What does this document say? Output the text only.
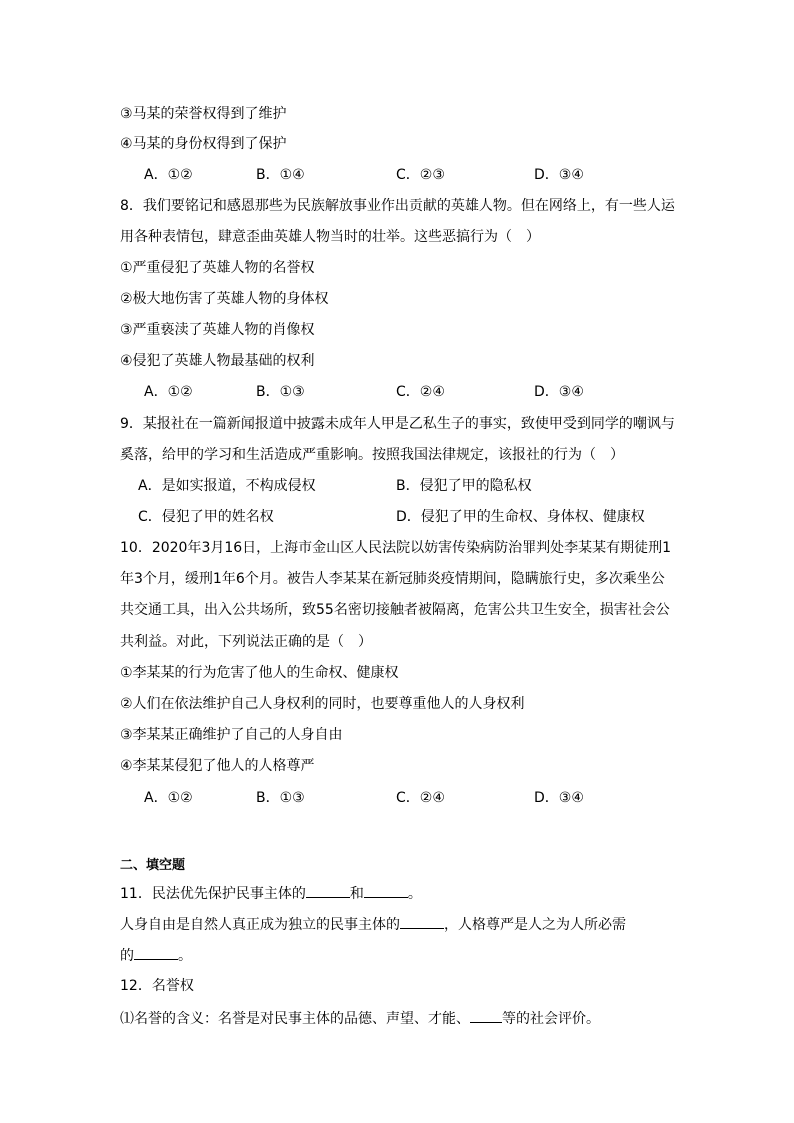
③马某的荣誉权得到了维护
④马某的身份权得到了保护
A．①②	B．①④	C．②③	D．③④
8．我们要铭记和感恩那些为民族解放事业作出贡献的英雄人物。但在网络上，有一些人运
用各种表情包，肆意歪曲英雄人物当时的壮举。这些恶搞行为（　）
①严重侵犯了英雄人物的名誉权
②极大地伤害了英雄人物的身体权
③严重亵渎了英雄人物的肖像权
④侵犯了英雄人物最基础的权利
A．①②	B．①③	C．②④	D．③④
9．某报社在一篇新闻报道中披露未成年人甲是乙私生子的事实，致使甲受到同学的嘲讽与
奚落，给甲的学习和生活造成严重影响。按照我国法律规定，该报社的行为（　）
A．是如实报道，不构成侵权	B．侵犯了甲的隐私权
C．侵犯了甲的姓名权	D．侵犯了甲的生命权、身体权、健康权
10．2020年3月16日，上海市金山区人民法院以妨害传染病防治罪判处李某某有期徒刑1
年3个月，缓刑1年6个月。被告人李某某在新冠肺炎疫情期间，隐瞒旅行史，多次乘坐公
共交通工具，出入公共场所，致55名密切接触者被隔离，危害公共卫生安全，损害社会公
共利益。对此，下列说法正确的是（　）
①李某某的行为危害了他人的生命权、健康权
②人们在依法维护自己人身权利的同时，也要尊重他人的人身权利
③李某某正确维护了自己的人身自由
④李某某侵犯了他人的人格尊严
A．①②	B．①③	C．②④	D．③④
二、填空题
11．民法优先保护民事主体的	和	。
人身自由是自然人真正成为独立的民事主体的	，人格尊严是人之为人所必需
的	。
12．名誉权
⑴名誉的含义：名誉是对民事主体的品德、声望、才能、 等的社会评价。
